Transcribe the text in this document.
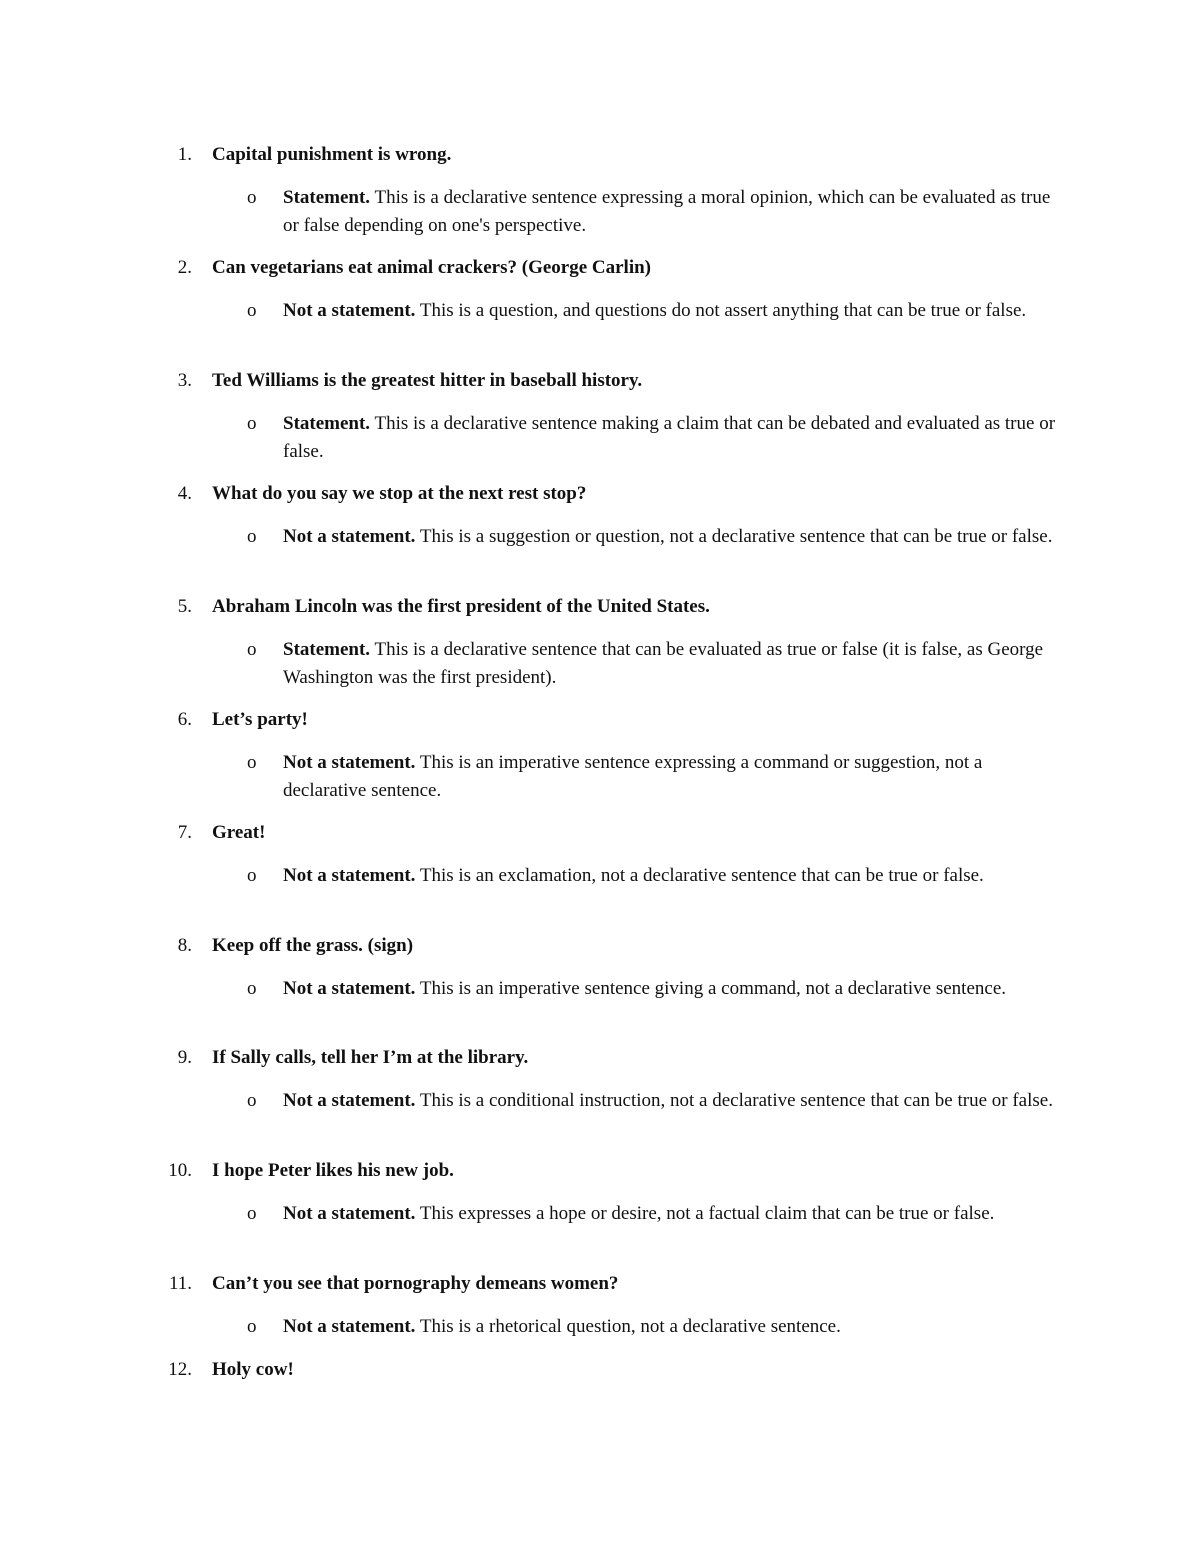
1. Capital punishment is wrong.
o Statement. This is a declarative sentence expressing a moral opinion, which can be evaluated as true or false depending on one's perspective.
2. Can vegetarians eat animal crackers? (George Carlin)
o Not a statement. This is a question, and questions do not assert anything that can be true or false.
3. Ted Williams is the greatest hitter in baseball history.
o Statement. This is a declarative sentence making a claim that can be debated and evaluated as true or false.
4. What do you say we stop at the next rest stop?
o Not a statement. This is a suggestion or question, not a declarative sentence that can be true or false.
5. Abraham Lincoln was the first president of the United States.
o Statement. This is a declarative sentence that can be evaluated as true or false (it is false, as George Washington was the first president).
6. Let’s party!
o Not a statement. This is an imperative sentence expressing a command or suggestion, not a declarative sentence.
7. Great!
o Not a statement. This is an exclamation, not a declarative sentence that can be true or false.
8. Keep off the grass. (sign)
o Not a statement. This is an imperative sentence giving a command, not a declarative sentence.
9. If Sally calls, tell her I’m at the library.
o Not a statement. This is a conditional instruction, not a declarative sentence that can be true or false.
10. I hope Peter likes his new job.
o Not a statement. This expresses a hope or desire, not a factual claim that can be true or false.
11. Can’t you see that pornography demeans women?
o Not a statement. This is a rhetorical question, not a declarative sentence.
12. Holy cow!
